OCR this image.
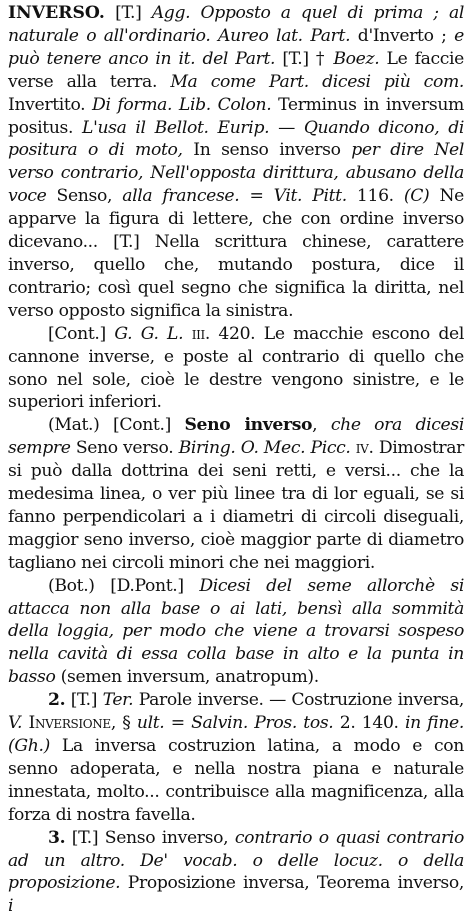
INVERSO. [T.] Agg. Opposto a quel di prima ; al naturale o all'ordinario. Aureo lat. Part. d'Inverto ; e può tenere anco in it. del Part. [T.] † Boez. Le faccie verse alla terra. Ma come Part. dicesi più com. Invertito. Di forma. Lib. Colon. Terminus in inversum positus. L'usa il Bellot. Eurip. — Quando dicono, di positura o di moto, In senso inverso per dire Nel verso contrario, Nell'opposta dirittura, abusano della voce Senso, alla francese. = Vit. Pitt. 116. (C) Ne apparve la figura di lettere, che con ordine inverso dicevano... [T.] Nella scrittura chinese, carattere inverso, quello che, mutando postura, dice il contrario; così quel segno che significa la diritta, nel verso opposto significa la sinistra.

[Cont.] G. G. L. iii. 420. Le macchie escono del cannone inverse, e poste al contrario di quello che sono nel sole, cioè le destre vengono sinistre, e le superiori inferiori.

(Mat.) [Cont.] Seno inverso, che ora dicesi sempre Seno verso. Biring. O. Mec. Picc. iv. Dimostrar si può dalla dottrina dei seni retti, e versi... che la medesima linea, o ver più linee tra di lor eguali, se si fanno perpendicolari a i diametri di circoli diseguali, maggior seno inverso, cioè maggior parte di diametro tagliano nei circoli minori che nei maggiori.

(Bot.) [D.Pont.] Dicesi del seme allorchè si attacca non alla base o ai lati, bensì alla sommità della loggia, per modo che viene a trovarsi sospeso nella cavità di essa colla base in alto e la punta in basso (semen inversum, anatropum).

2. [T.] Ter. Parole inverse. — Costruzione inversa, V. Inversione, § ult. = Salvin. Pros. tos. 2. 140. in fine. (Gh.) La inversa costruzion latina, a modo e con senno adoperata, e nella nostra piana e naturale innestata, molto... contribuisce alla magnificenza, alla forza di nostra favella.

3. [T.] Senso inverso, contrario o quasi contrario ad un altro. De' vocab. o delle locuz. o della proposizione. Proposizione inversa, Teorema inverso, i
